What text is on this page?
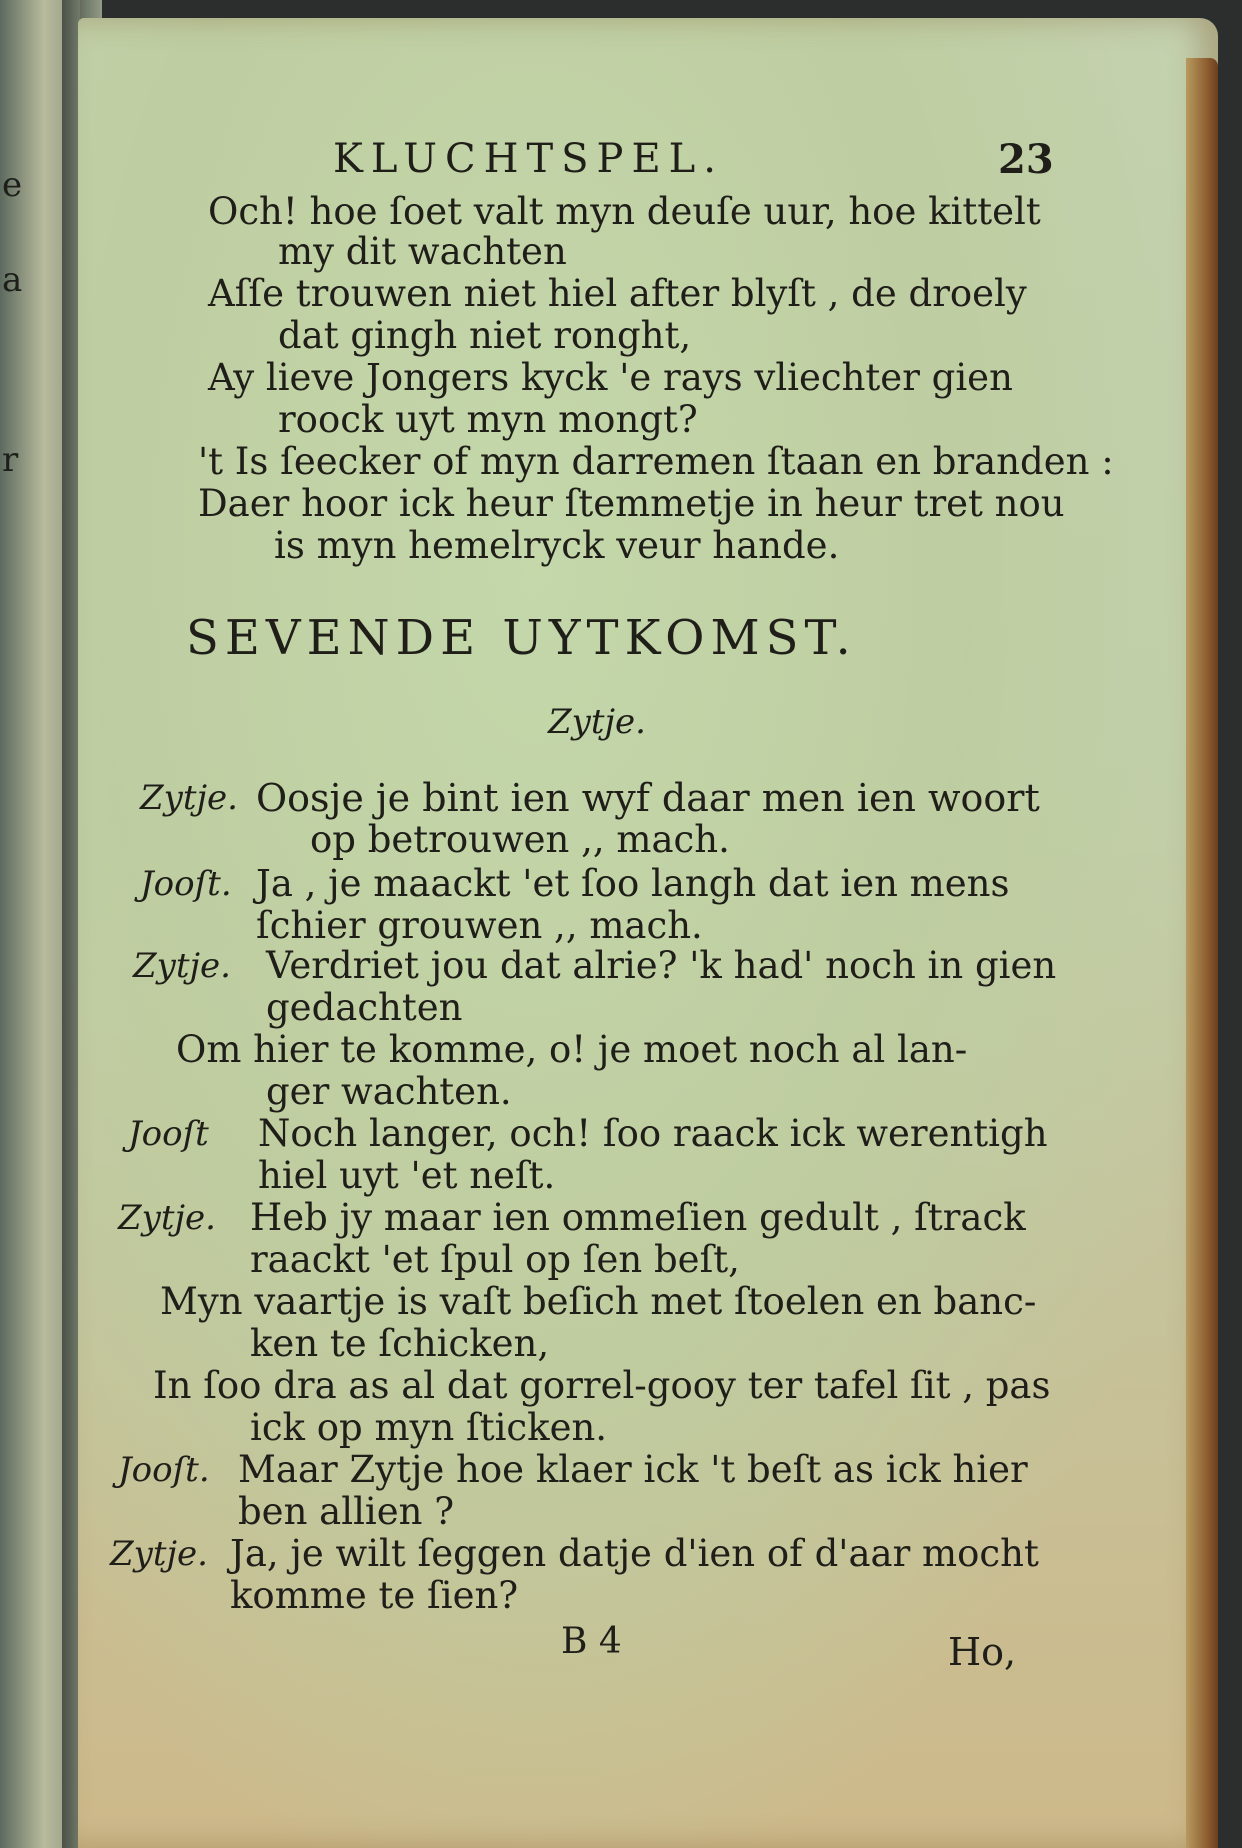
e
a
r
KLUCHTSPEL.	23
Och! hoe ſoet valt myn deuſe uur, hoe kittelt
my dit wachten
Aſſe trouwen niet hiel after blyſt , de droely
dat gingh niet ronght,
Ay lieve Jongers kyck 'e rays vliechter gien
roock uyt myn mongt?
't Is ſeecker of myn darremen ſtaan en branden :
Daer hoor ick heur ſtemmetje in heur tret nou
is myn hemelryck veur hande.
SEVENDE UYTKOMST.
Zytje.
Zytje. Oosje je bint ien wyf daar men ien woort
op betrouwen ,, mach.
Jooſt. Ja , je maackt 'et ſoo langh dat ien mens
ſchier grouwen ,, mach.
Zytje. Verdriet jou dat alrie? 'k had' noch in gien
gedachten
Om hier te komme, o! je moet noch al lan-
ger wachten.
Jooſt Noch langer, och! ſoo raack ick werentigh
hiel uyt 'et neſt.
Zytje. Heb jy maar ien ommeſien gedult , ſtrack
raackt 'et ſpul op ſen beſt,
Myn vaartje is vaſt beſich met ſtoelen en banc-
ken te ſchicken,
In ſoo dra as al dat gorrel-gooy ter tafel ſit , pas
ick op myn ſticken.
Jooſt. Maar Zytje hoe klaer ick 't beſt as ick hier
ben allien ?
Zytje. Ja, je wilt ſeggen datje d'ien of d'aar mocht
komme te ſien?
B 4	Ho,
